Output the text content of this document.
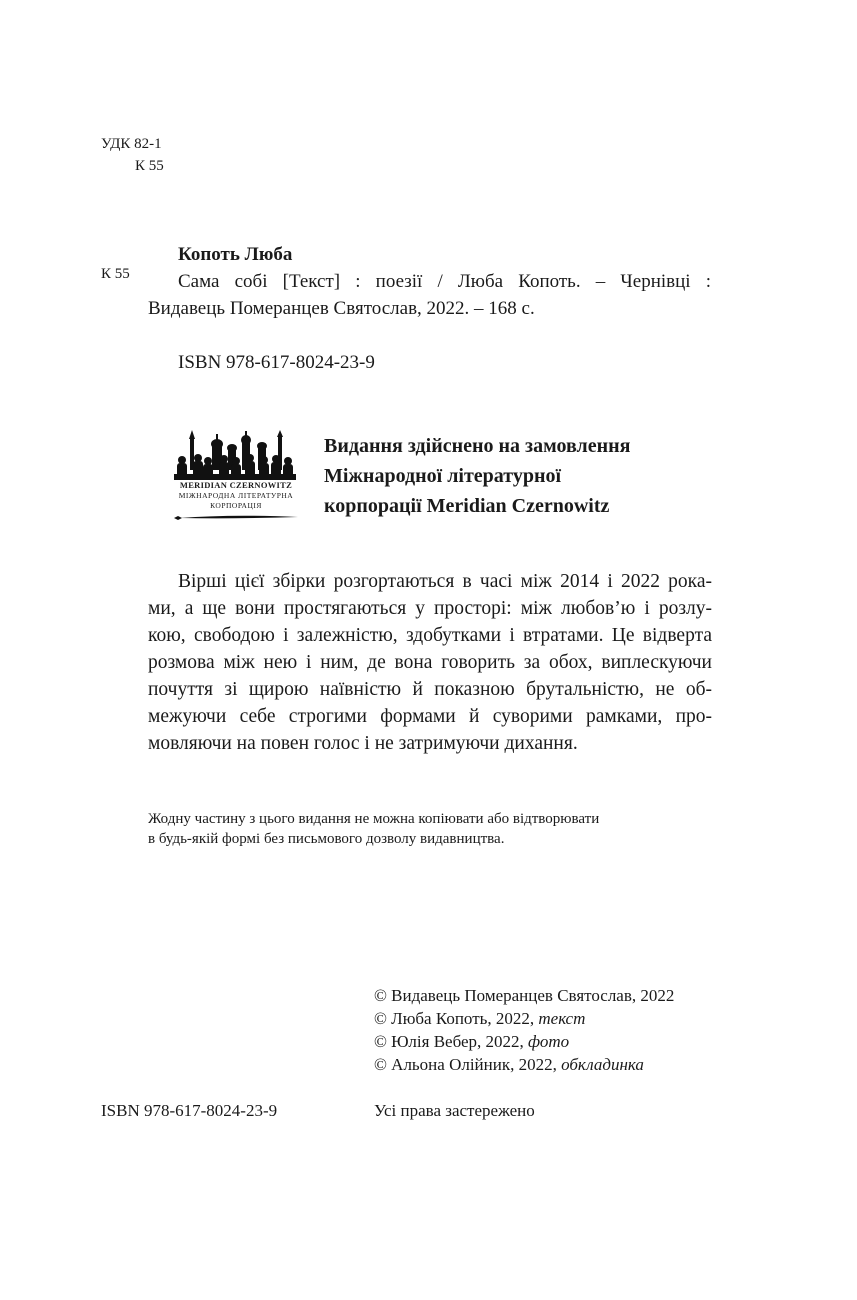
УДК 82-1
К 55
К 55
Копоть Люба
Сама собі [Текст] : поезії / Люба Копоть. – Чернівці :
Видавець Померанцев Святослав, 2022. – 168 с.
ISBN 978-617-8024-23-9
MERIDIAN CZERNOWITZ
МІЖНАРОДНА ЛІТЕРАТУРНА
КОРПОРАЦІЯ
Видання здійснено на замовлення
Міжнародної літературної
корпорації Meridian Czernowitz
Вірші цієї збірки розгортаються в часі між 2014 і 2022 рока-
ми, а ще вони простягаються у просторі: між любов’ю і розлу-
кою, свободою і залежністю, здобутками і втратами. Це відверта
розмова між нею і ним, де вона говорить за обох, виплескуючи
почуття зі щирою наївністю й показною брутальністю, не об-
межуючи себе строгими формами й суворими рамками, про-
мовляючи на повен голос і не затримуючи дихання.
Жодну частину з цього видання не можна копіювати або відтворювати
в будь-якій формі без письмового дозволу видавництва.
© Видавець Померанцев Святослав, 2022
© Люба Копоть, 2022, текст
© Юлія Вебер, 2022, фото
© Альона Олійник, 2022, обкладинка
ISBN 978-617-8024-23-9	Усі права застережено
